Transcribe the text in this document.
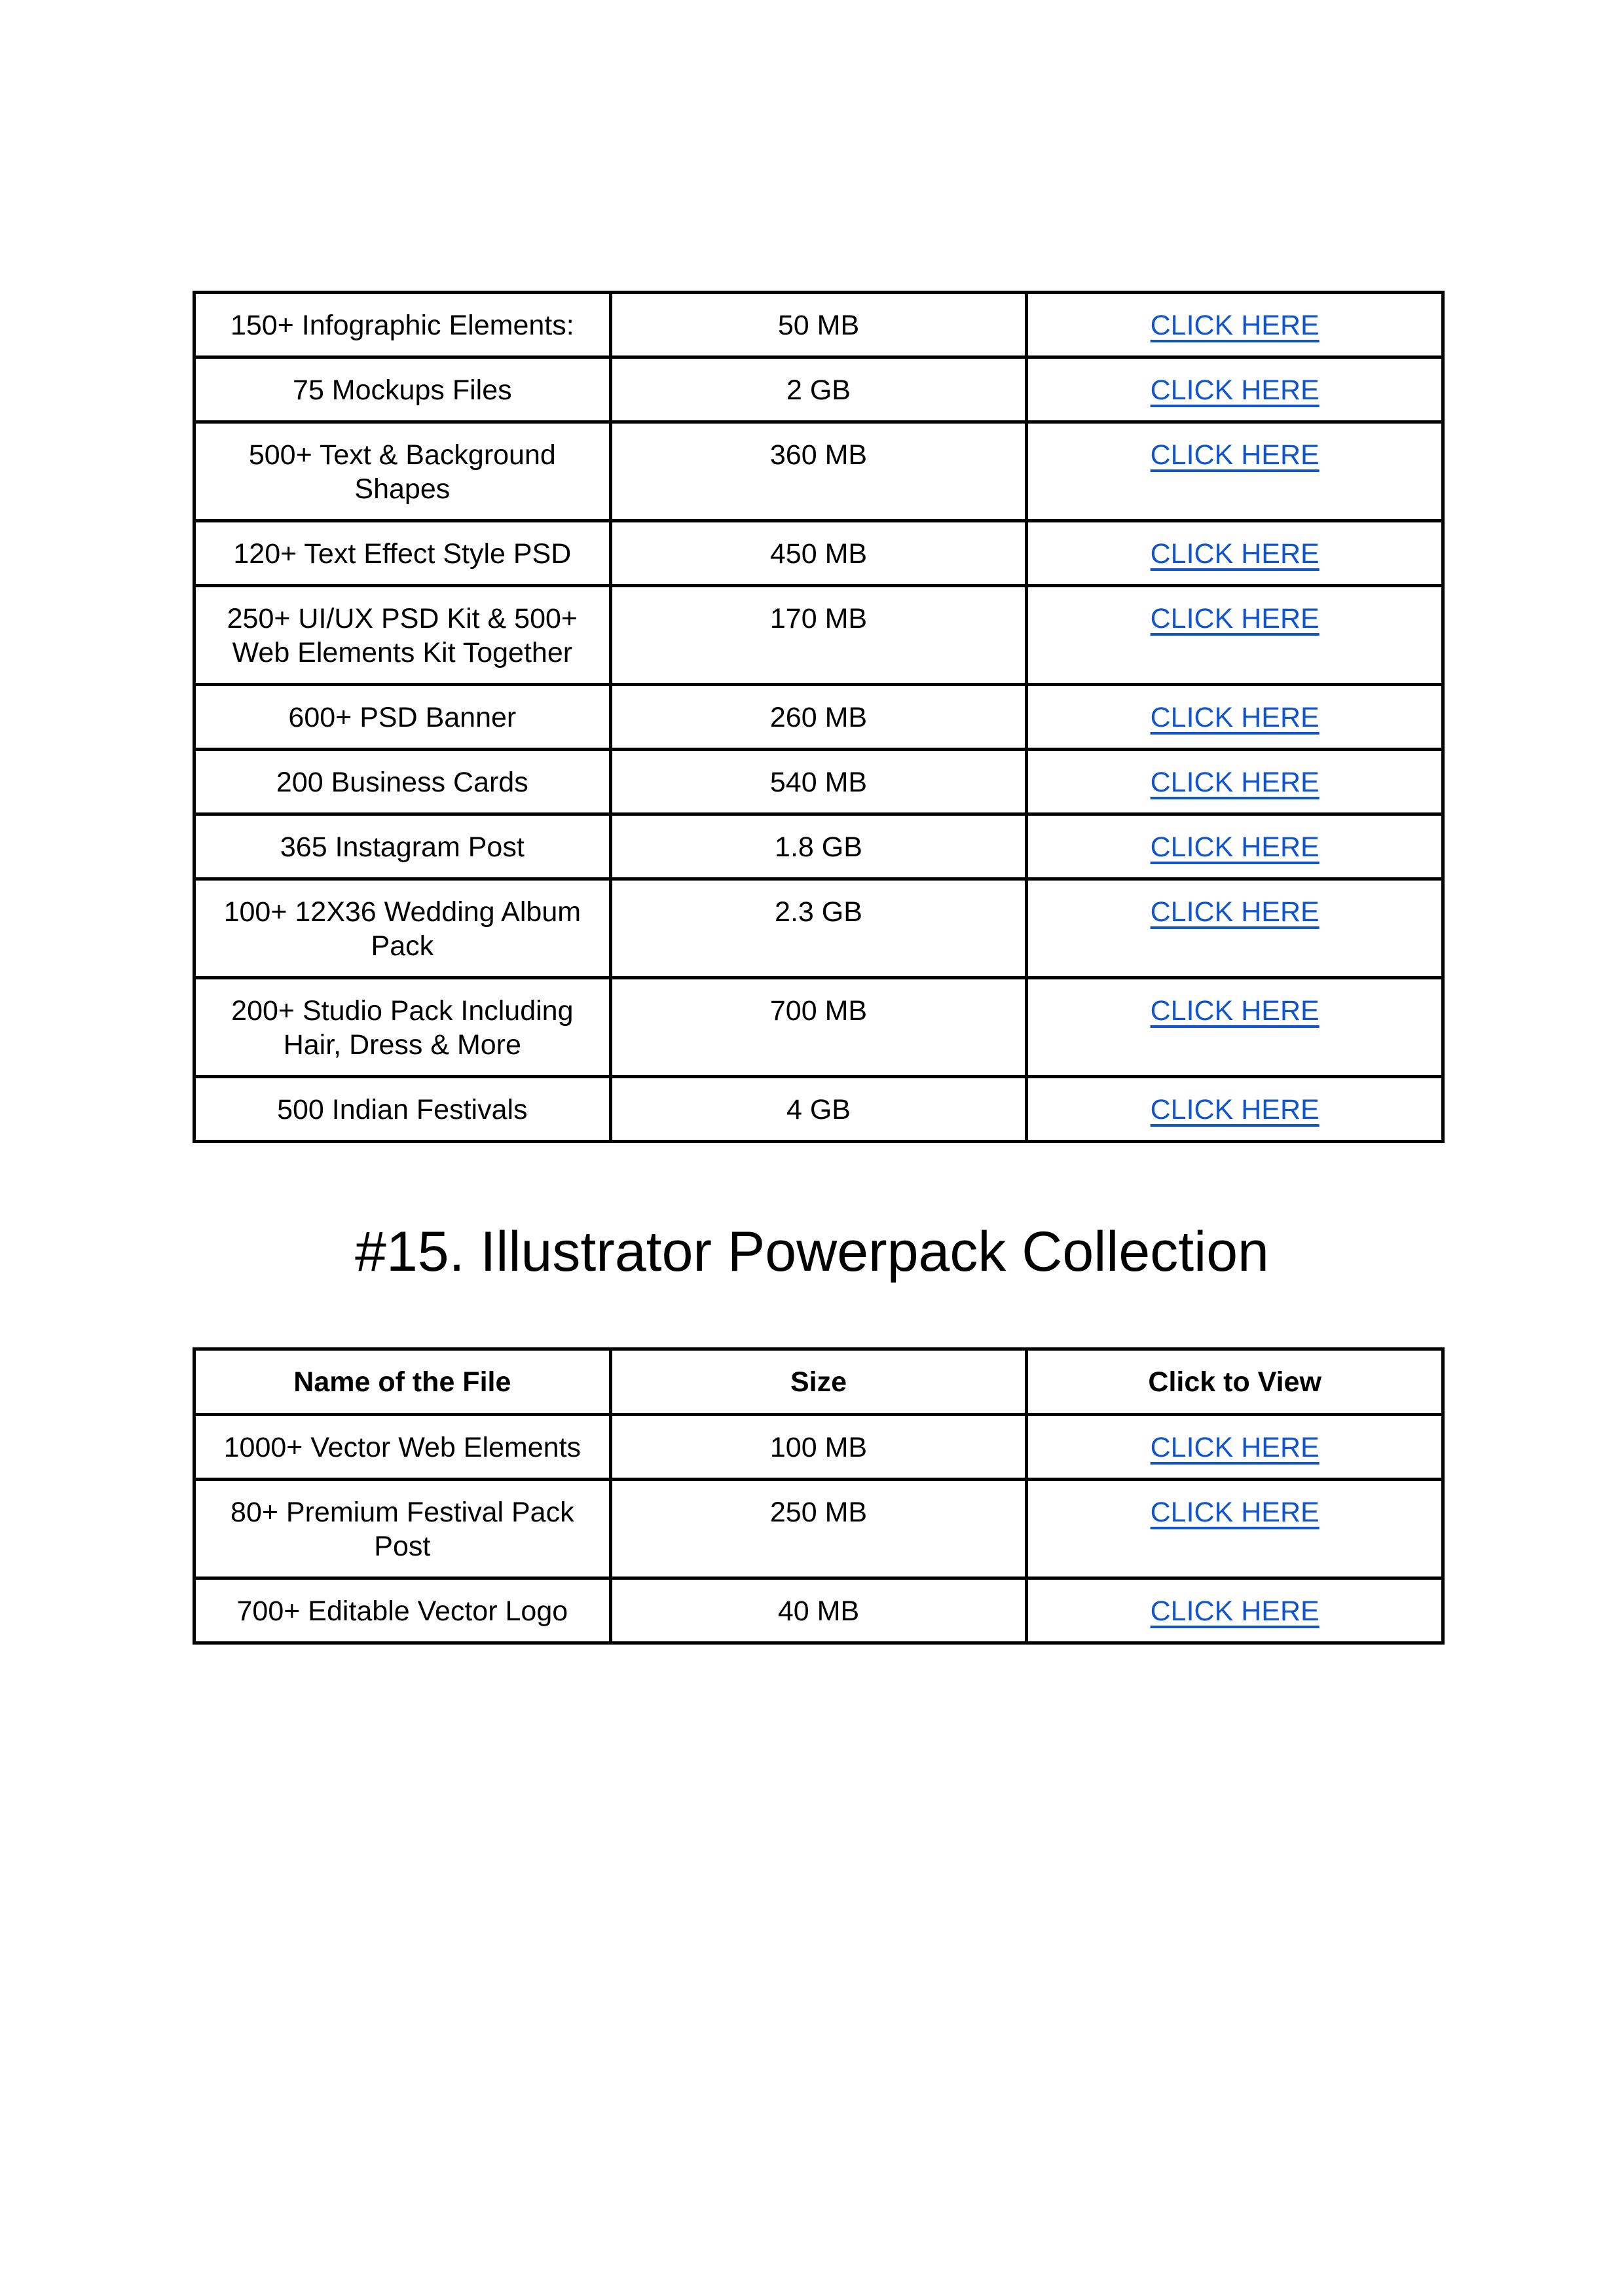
150+ Infographic Elements:	50 MB	CLICK HERE
75 Mockups Files	2 GB	CLICK HERE
500+ Text & Background Shapes	360 MB	CLICK HERE
120+ Text Effect Style PSD	450 MB	CLICK HERE
250+ UI/UX PSD Kit & 500+ Web Elements Kit Together	170 MB	CLICK HERE
600+ PSD Banner	260 MB	CLICK HERE
200 Business Cards	540 MB	CLICK HERE
365 Instagram Post	1.8 GB	CLICK HERE
100+ 12X36 Wedding Album Pack	2.3 GB	CLICK HERE
200+ Studio Pack Including Hair, Dress & More	700 MB	CLICK HERE
500 Indian Festivals	4 GB	CLICK HERE
#15. Illustrator Powerpack Collection
Name of the File	Size	Click to View
1000+ Vector Web Elements	100 MB	CLICK HERE
80+ Premium Festival Pack Post	250 MB	CLICK HERE
700+ Editable Vector Logo	40 MB	CLICK HERE
